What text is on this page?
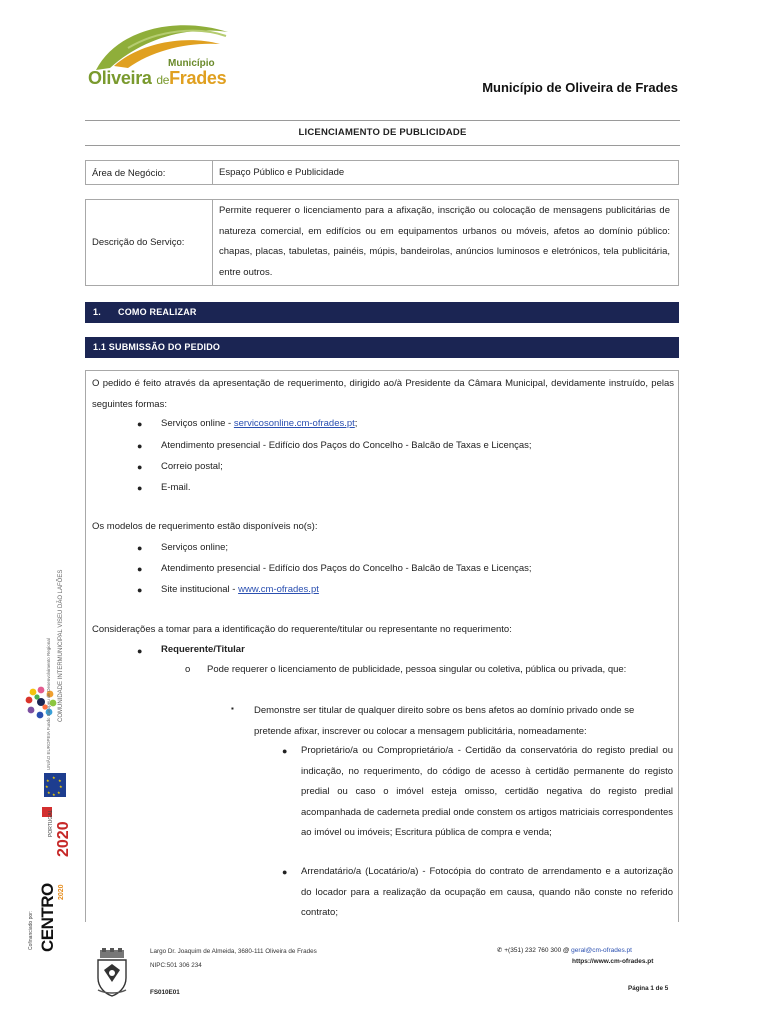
Município
Oliveira deFrades	Município de Oliveira de Frades
LICENCIAMENTO DE PUBLICIDADE
Área de Negócio:	Espaço Público e Publicidade
Descrição do Serviço:
Permite requerer o licenciamento para a afixação, inscrição ou colocação de mensagens publicitárias de natureza comercial, em edifícios ou em equipamentos urbanos ou móveis, afetos ao domínio público: chapas, placas, tabuletas, painéis, múpis, bandeirolas, anúncios luminosos e eletrónicos, tela publicitária, entre outros.
1. COMO REALIZAR
1.1 SUBMISSÃO DO PEDIDO
O pedido é feito através da apresentação de requerimento, dirigido ao/à Presidente da Câmara Municipal, devidamente instruído, pelas seguintes formas:
● Serviços online - servicosonline.cm-ofrades.pt;
● Atendimento presencial - Edifício dos Paços do Concelho - Balcão de Taxas e Licenças;
● Correio postal;
● E-mail.
Os modelos de requerimento estão disponíveis no(s):
● Serviços online;
● Atendimento presencial - Edifício dos Paços do Concelho - Balcão de Taxas e Licenças;
● Site institucional - www.cm-ofrades.pt
Considerações a tomar para a identificação do requerente/titular ou representante no requerimento:
● Requerente/Titular
o Pode requerer o licenciamento de publicidade, pessoa singular ou coletiva, pública ou privada, que:
▪ Demonstre ser titular de qualquer direito sobre os bens afetos ao domínio privado onde se pretende afixar, inscrever ou colocar a mensagem publicitária, nomeadamente:
● Proprietário/a ou Comproprietário/a - Certidão da conservatória do registo predial ou indicação, no requerimento, do código de acesso à certidão permanente do registo predial ou caso o imóvel esteja omisso, certidão negativa do registo predial acompanhada de caderneta predial onde constem os artigos matriciais correspondentes ao imóvel ou imóveis; Escritura pública de compra e venda;
● Arrendatário/a (Locatário/a) - Fotocópia do contrato de arrendamento e a autorização do locador para a realização da ocupação em causa, quando não conste no referido contrato;
COMUNIDADE INTERMUNICIPAL VISEU DÃO LAFÕES
UNIÃO EUROPEIA Fundo Europeu de Desenvolvimento Regional
★
★
★
★
★
★
★
★
PORTUGAL 2020
CENTRO 2020
Cofinanciado por:
Largo Dr. Joaquim de Almeida, 3680-111 Oliveira de Frades
NIPC:501 306 234
FS010E01
✆ +(351) 232 760 300 @ geral@cm-ofrades.pt
https://www.cm-ofrades.pt
Página 1 de 5
